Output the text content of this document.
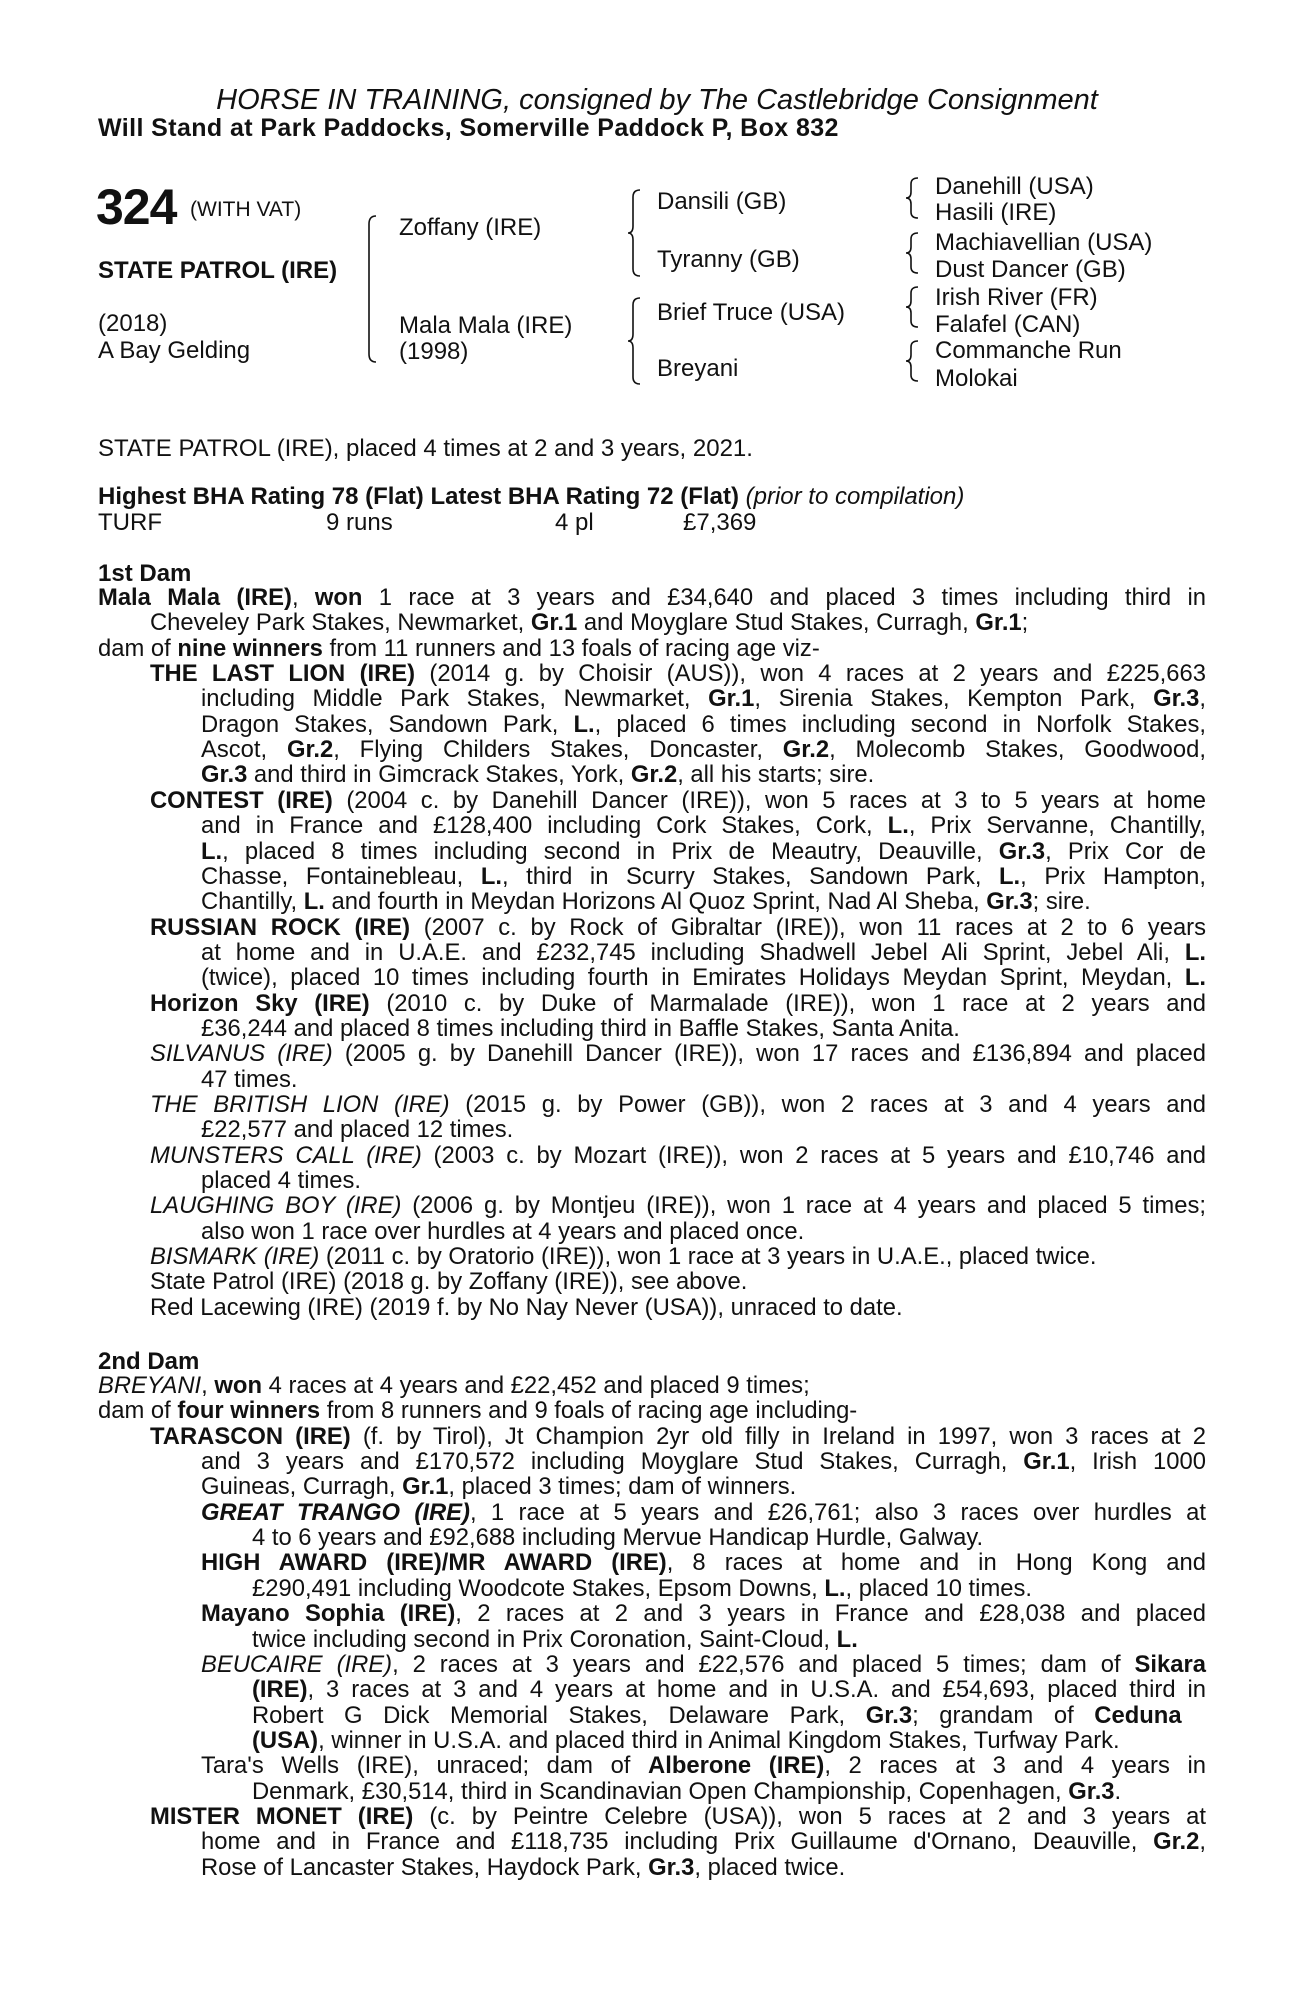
HORSE IN TRAINING, consigned by The Castlebridge Consignment
Will Stand at Park Paddocks, Somerville Paddock P, Box 832
324 (WITH VAT)
STATE PATROL (IRE)
(2018)
A Bay Gelding
Zoffany (IRE)
Mala Mala (IRE)
(1998)
Dansili (GB)
Tyranny (GB)
Brief Truce (USA)
Breyani
Danehill (USA)
Hasili (IRE)
Machiavellian (USA)
Dust Dancer (GB)
Irish River (FR)
Falafel (CAN)
Commanche Run
Molokai
STATE PATROL (IRE), placed 4 times at 2 and 3 years, 2021.
Highest BHA Rating 78 (Flat) Latest BHA Rating 72 (Flat) (prior to compilation)
TURF	9 runs	4 pl	£7,369
1st Dam
Mala Mala (IRE), won 1 race at 3 years and £34,640 and placed 3 times including third in
Cheveley Park Stakes, Newmarket, Gr.1 and Moyglare Stud Stakes, Curragh, Gr.1;
dam of nine winners from 11 runners and 13 foals of racing age viz-
THE LAST LION (IRE) (2014 g. by Choisir (AUS)), won 4 races at 2 years and £225,663
including Middle Park Stakes, Newmarket, Gr.1, Sirenia Stakes, Kempton Park, Gr.3,
Dragon Stakes, Sandown Park, L., placed 6 times including second in Norfolk Stakes,
Ascot, Gr.2, Flying Childers Stakes, Doncaster, Gr.2, Molecomb Stakes, Goodwood,
Gr.3 and third in Gimcrack Stakes, York, Gr.2, all his starts; sire.
CONTEST (IRE) (2004 c. by Danehill Dancer (IRE)), won 5 races at 3 to 5 years at home
and in France and £128,400 including Cork Stakes, Cork, L., Prix Servanne, Chantilly,
L., placed 8 times including second in Prix de Meautry, Deauville, Gr.3, Prix Cor de
Chasse, Fontainebleau, L., third in Scurry Stakes, Sandown Park, L., Prix Hampton,
Chantilly, L. and fourth in Meydan Horizons Al Quoz Sprint, Nad Al Sheba, Gr.3; sire.
RUSSIAN ROCK (IRE) (2007 c. by Rock of Gibraltar (IRE)), won 11 races at 2 to 6 years
at home and in U.A.E. and £232,745 including Shadwell Jebel Ali Sprint, Jebel Ali, L.
(twice), placed 10 times including fourth in Emirates Holidays Meydan Sprint, Meydan, L.
Horizon Sky (IRE) (2010 c. by Duke of Marmalade (IRE)), won 1 race at 2 years and
£36,244 and placed 8 times including third in Baffle Stakes, Santa Anita.
SILVANUS (IRE) (2005 g. by Danehill Dancer (IRE)), won 17 races and £136,894 and placed
47 times.
THE BRITISH LION (IRE) (2015 g. by Power (GB)), won 2 races at 3 and 4 years and
£22,577 and placed 12 times.
MUNSTERS CALL (IRE) (2003 c. by Mozart (IRE)), won 2 races at 5 years and £10,746 and
placed 4 times.
LAUGHING BOY (IRE) (2006 g. by Montjeu (IRE)), won 1 race at 4 years and placed 5 times;
also won 1 race over hurdles at 4 years and placed once.
BISMARK (IRE) (2011 c. by Oratorio (IRE)), won 1 race at 3 years in U.A.E., placed twice.
State Patrol (IRE) (2018 g. by Zoffany (IRE)), see above.
Red Lacewing (IRE) (2019 f. by No Nay Never (USA)), unraced to date.
2nd Dam
BREYANI, won 4 races at 4 years and £22,452 and placed 9 times;
dam of four winners from 8 runners and 9 foals of racing age including-
TARASCON (IRE) (f. by Tirol), Jt Champion 2yr old filly in Ireland in 1997, won 3 races at 2
and 3 years and £170,572 including Moyglare Stud Stakes, Curragh, Gr.1, Irish 1000
Guineas, Curragh, Gr.1, placed 3 times; dam of winners.
GREAT TRANGO (IRE), 1 race at 5 years and £26,761; also 3 races over hurdles at
4 to 6 years and £92,688 including Mervue Handicap Hurdle, Galway.
HIGH AWARD (IRE)/MR AWARD (IRE), 8 races at home and in Hong Kong and
£290,491 including Woodcote Stakes, Epsom Downs, L., placed 10 times.
Mayano Sophia (IRE), 2 races at 2 and 3 years in France and £28,038 and placed
twice including second in Prix Coronation, Saint-Cloud, L.
BEUCAIRE (IRE), 2 races at 3 years and £22,576 and placed 5 times; dam of Sikara
(IRE), 3 races at 3 and 4 years at home and in U.S.A. and £54,693, placed third in
Robert G Dick Memorial Stakes, Delaware Park, Gr.3; grandam of Ceduna
(USA), winner in U.S.A. and placed third in Animal Kingdom Stakes, Turfway Park.
Tara's Wells (IRE), unraced; dam of Alberone (IRE), 2 races at 3 and 4 years in
Denmark, £30,514, third in Scandinavian Open Championship, Copenhagen, Gr.3.
MISTER MONET (IRE) (c. by Peintre Celebre (USA)), won 5 races at 2 and 3 years at
home and in France and £118,735 including Prix Guillaume d'Ornano, Deauville, Gr.2,
Rose of Lancaster Stakes, Haydock Park, Gr.3, placed twice.
